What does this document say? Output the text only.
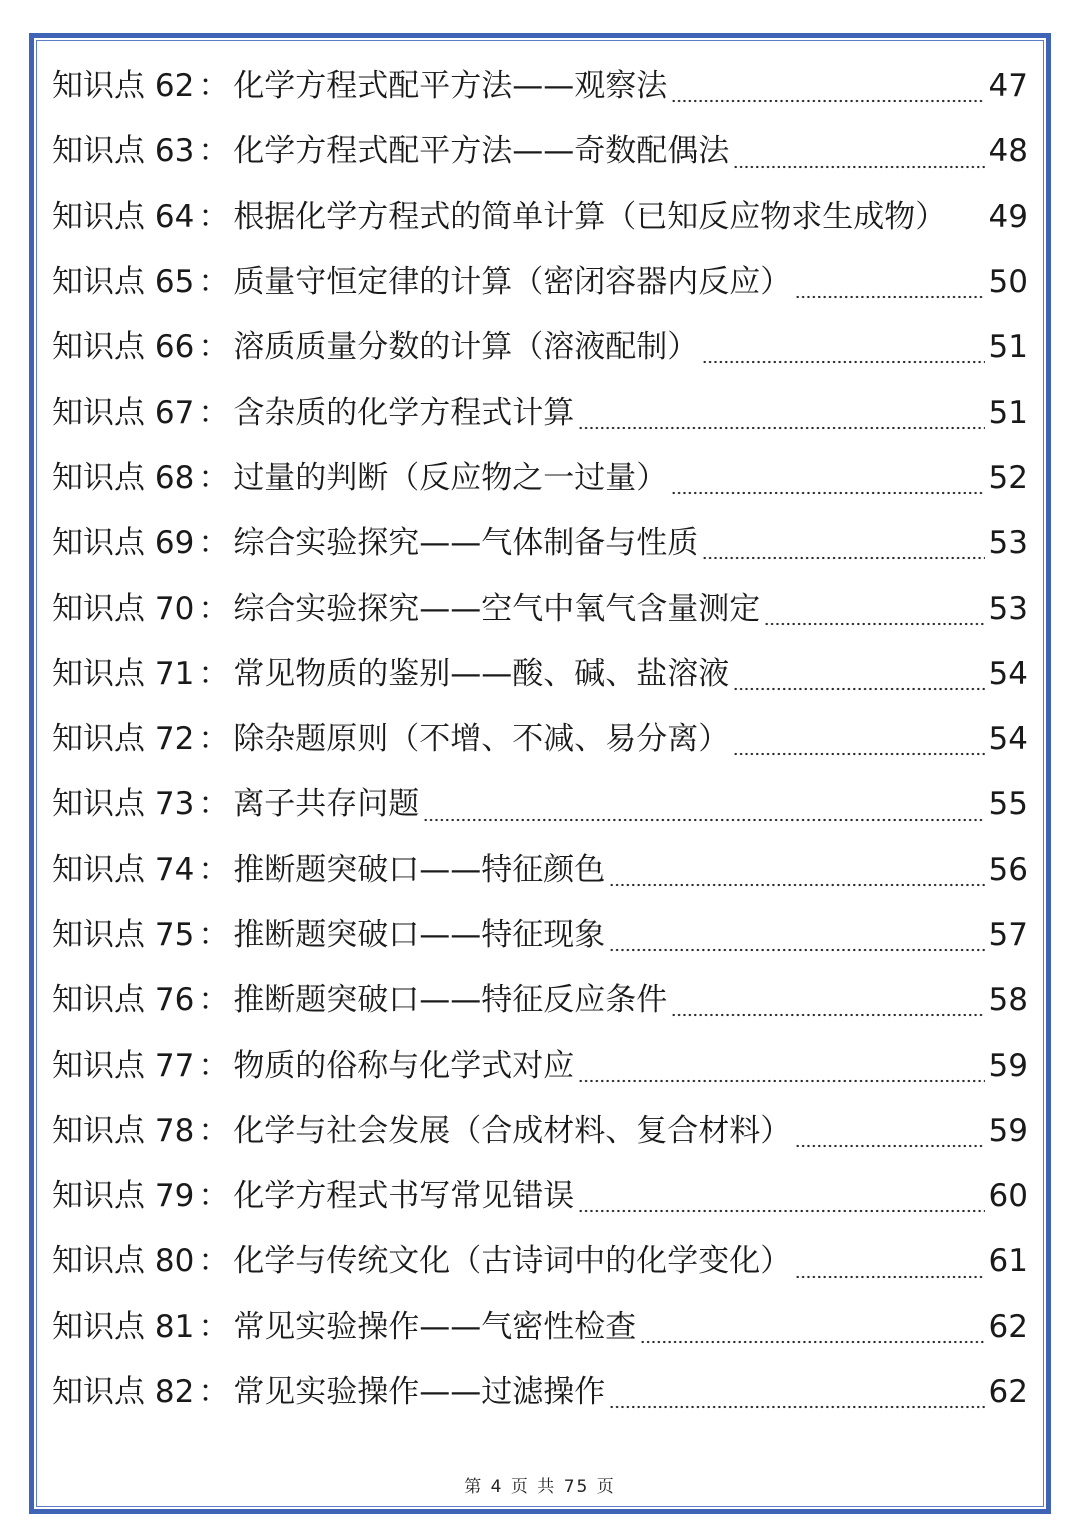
知识点 62 ： 化学方程式配平方法——观察法	47
知识点 63 ： 化学方程式配平方法——奇数配偶法	48
知识点 64 ： 根据化学方程式的简单计算（已知反应物求生成物） 49
知识点 65 ： 质量守恒定律的计算（密闭容器内反应）	50
知识点 66 ： 溶质质量分数的计算（溶液配制）	51
知识点 67 ： 含杂质的化学方程式计算	51
知识点 68 ： 过量的判断（反应物之一过量）	52
知识点 69 ： 综合实验探究——气体制备与性质	53
知识点 70 ： 综合实验探究——空气中氧气含量测定	53
知识点 71 ： 常见物质的鉴别——酸、碱、盐溶液	54
知识点 72 ： 除杂题原则（不增、不减、易分离）	54
知识点 73 ： 离子共存问题	55
知识点 74 ： 推断题突破口——特征颜色	56
知识点 75 ： 推断题突破口——特征现象	57
知识点 76 ： 推断题突破口——特征反应条件	58
知识点 77 ： 物质的俗称与化学式对应	59
知识点 78 ： 化学与社会发展（合成材料、复合材料）	59
知识点 79 ： 化学方程式书写常见错误	60
知识点 80 ： 化学与传统文化（古诗词中的化学变化）	61
知识点 81 ： 常见实验操作——气密性检查	62
知识点 82 ： 常见实验操作——过滤操作	62
第 4 页 共 75 页
